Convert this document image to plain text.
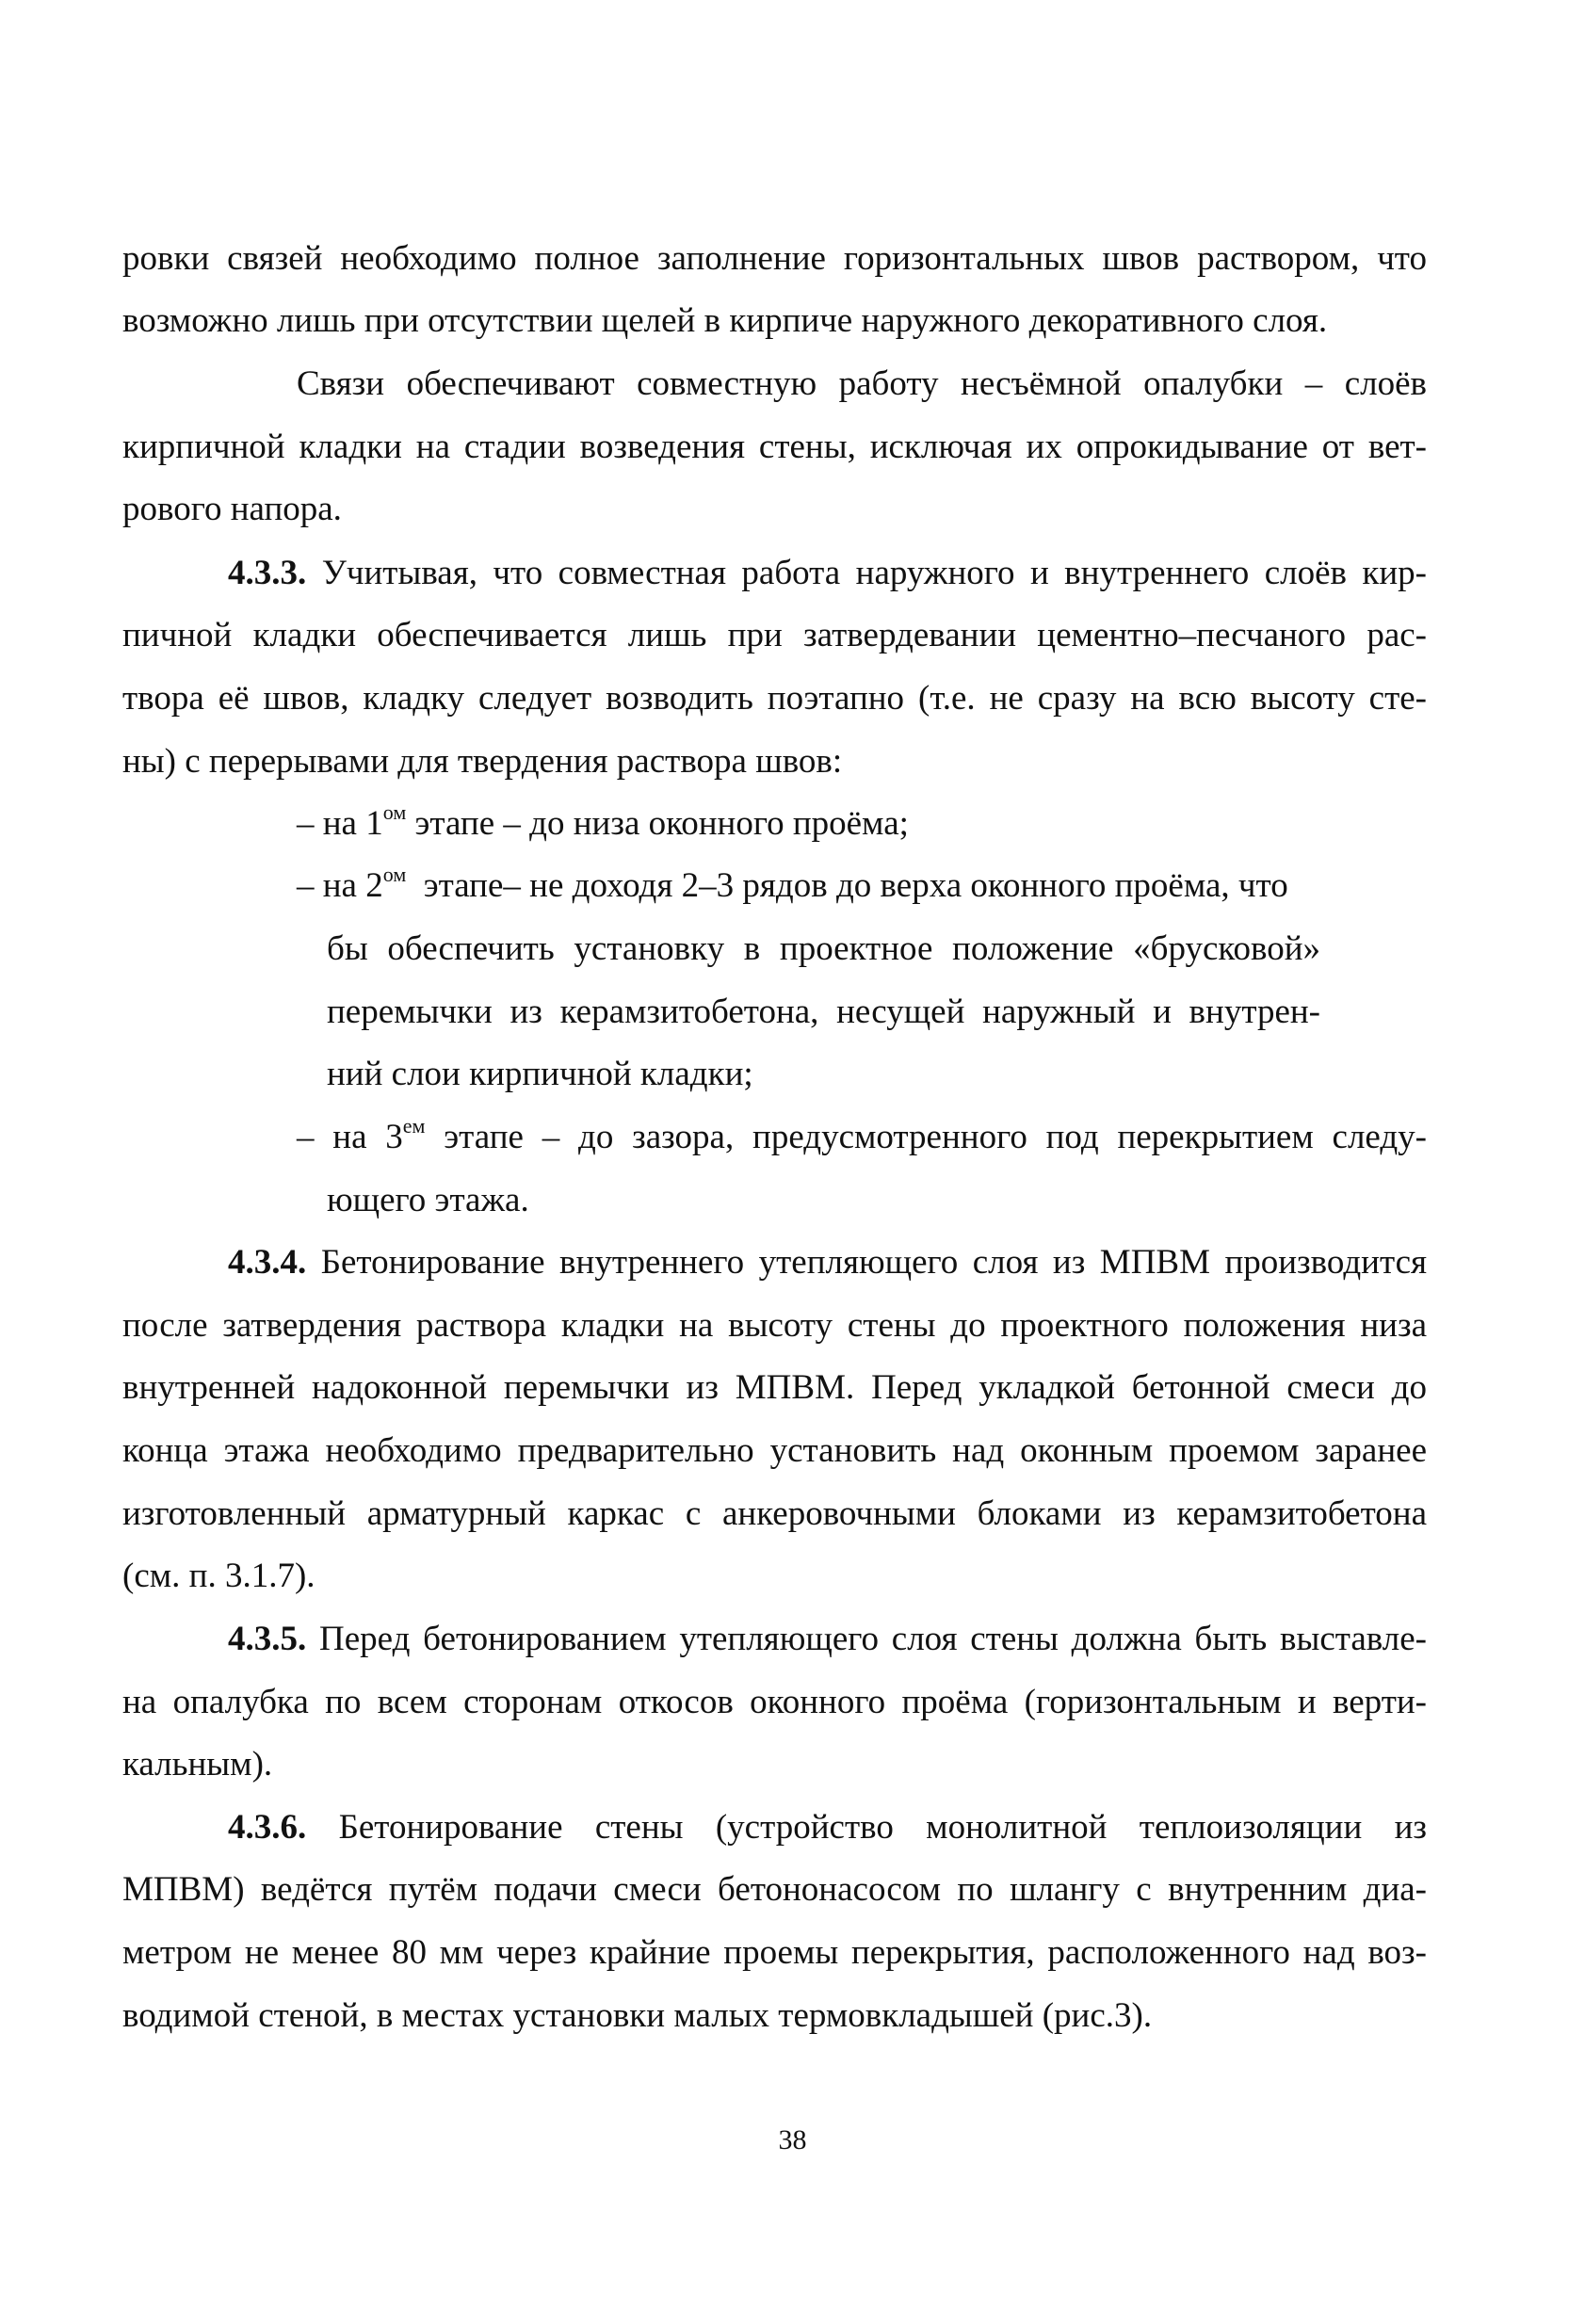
ровки связей необходимо полное заполнение горизонтальных швов раствором, что
возможно лишь при отсутствии щелей в кирпиче наружного декоративного слоя.
Связи обеспечивают совместную работу несъёмной опалубки – слоёв
кирпичной кладки на стадии возведения стены, исключая их опрокидывание от вет-
рового напора.
4.3.3. Учитывая, что совместная работа наружного и внутреннего слоёв кир-
пичной кладки обеспечивается лишь при затвердевании цементно–песчаного рас-
твора её швов, кладку следует возводить поэтапно (т.е. не сразу на всю высоту сте-
ны) с перерывами для твердения раствора швов:
– на $1^{ом}$ этапе – до низа оконного проёма;
– на $2^{ом}$ этапе– не доходя 2–3 рядов до верха оконного проёма, что
бы обеспечить установку в проектное положение «брусковой»
перемычки из керамзитобетона, несущей наружный и внутрен-
ний слои кирпичной кладки;
– на $3^{ем}$ этапе – до зазора, предусмотренного под перекрытием следу-
ющего этажа.
4.3.4. Бетонирование внутреннего утепляющего слоя из МПВМ производится
после затвердения раствора кладки на высоту стены до проектного положения низа
внутренней надоконной перемычки из МПВМ. Перед укладкой бетонной смеси до
конца этажа необходимо предварительно установить над оконным проемом заранее
изготовленный арматурный каркас с анкеровочными блоками из керамзитобетона
(см. п. 3.1.7).
4.3.5. Перед бетонированием утепляющего слоя стены должна быть выставле-
на опалубка по всем сторонам откосов оконного проёма (горизонтальным и верти-
кальным).
4.3.6. Бетонирование стены (устройство монолитной теплоизоляции из
МПВМ) ведётся путём подачи смеси бетононасосом по шлангу с внутренним диа-
метром не менее 80 мм через крайние проемы перекрытия, расположенного над воз-
водимой стеной, в местах установки малых термовкладышей (рис.3).
38
